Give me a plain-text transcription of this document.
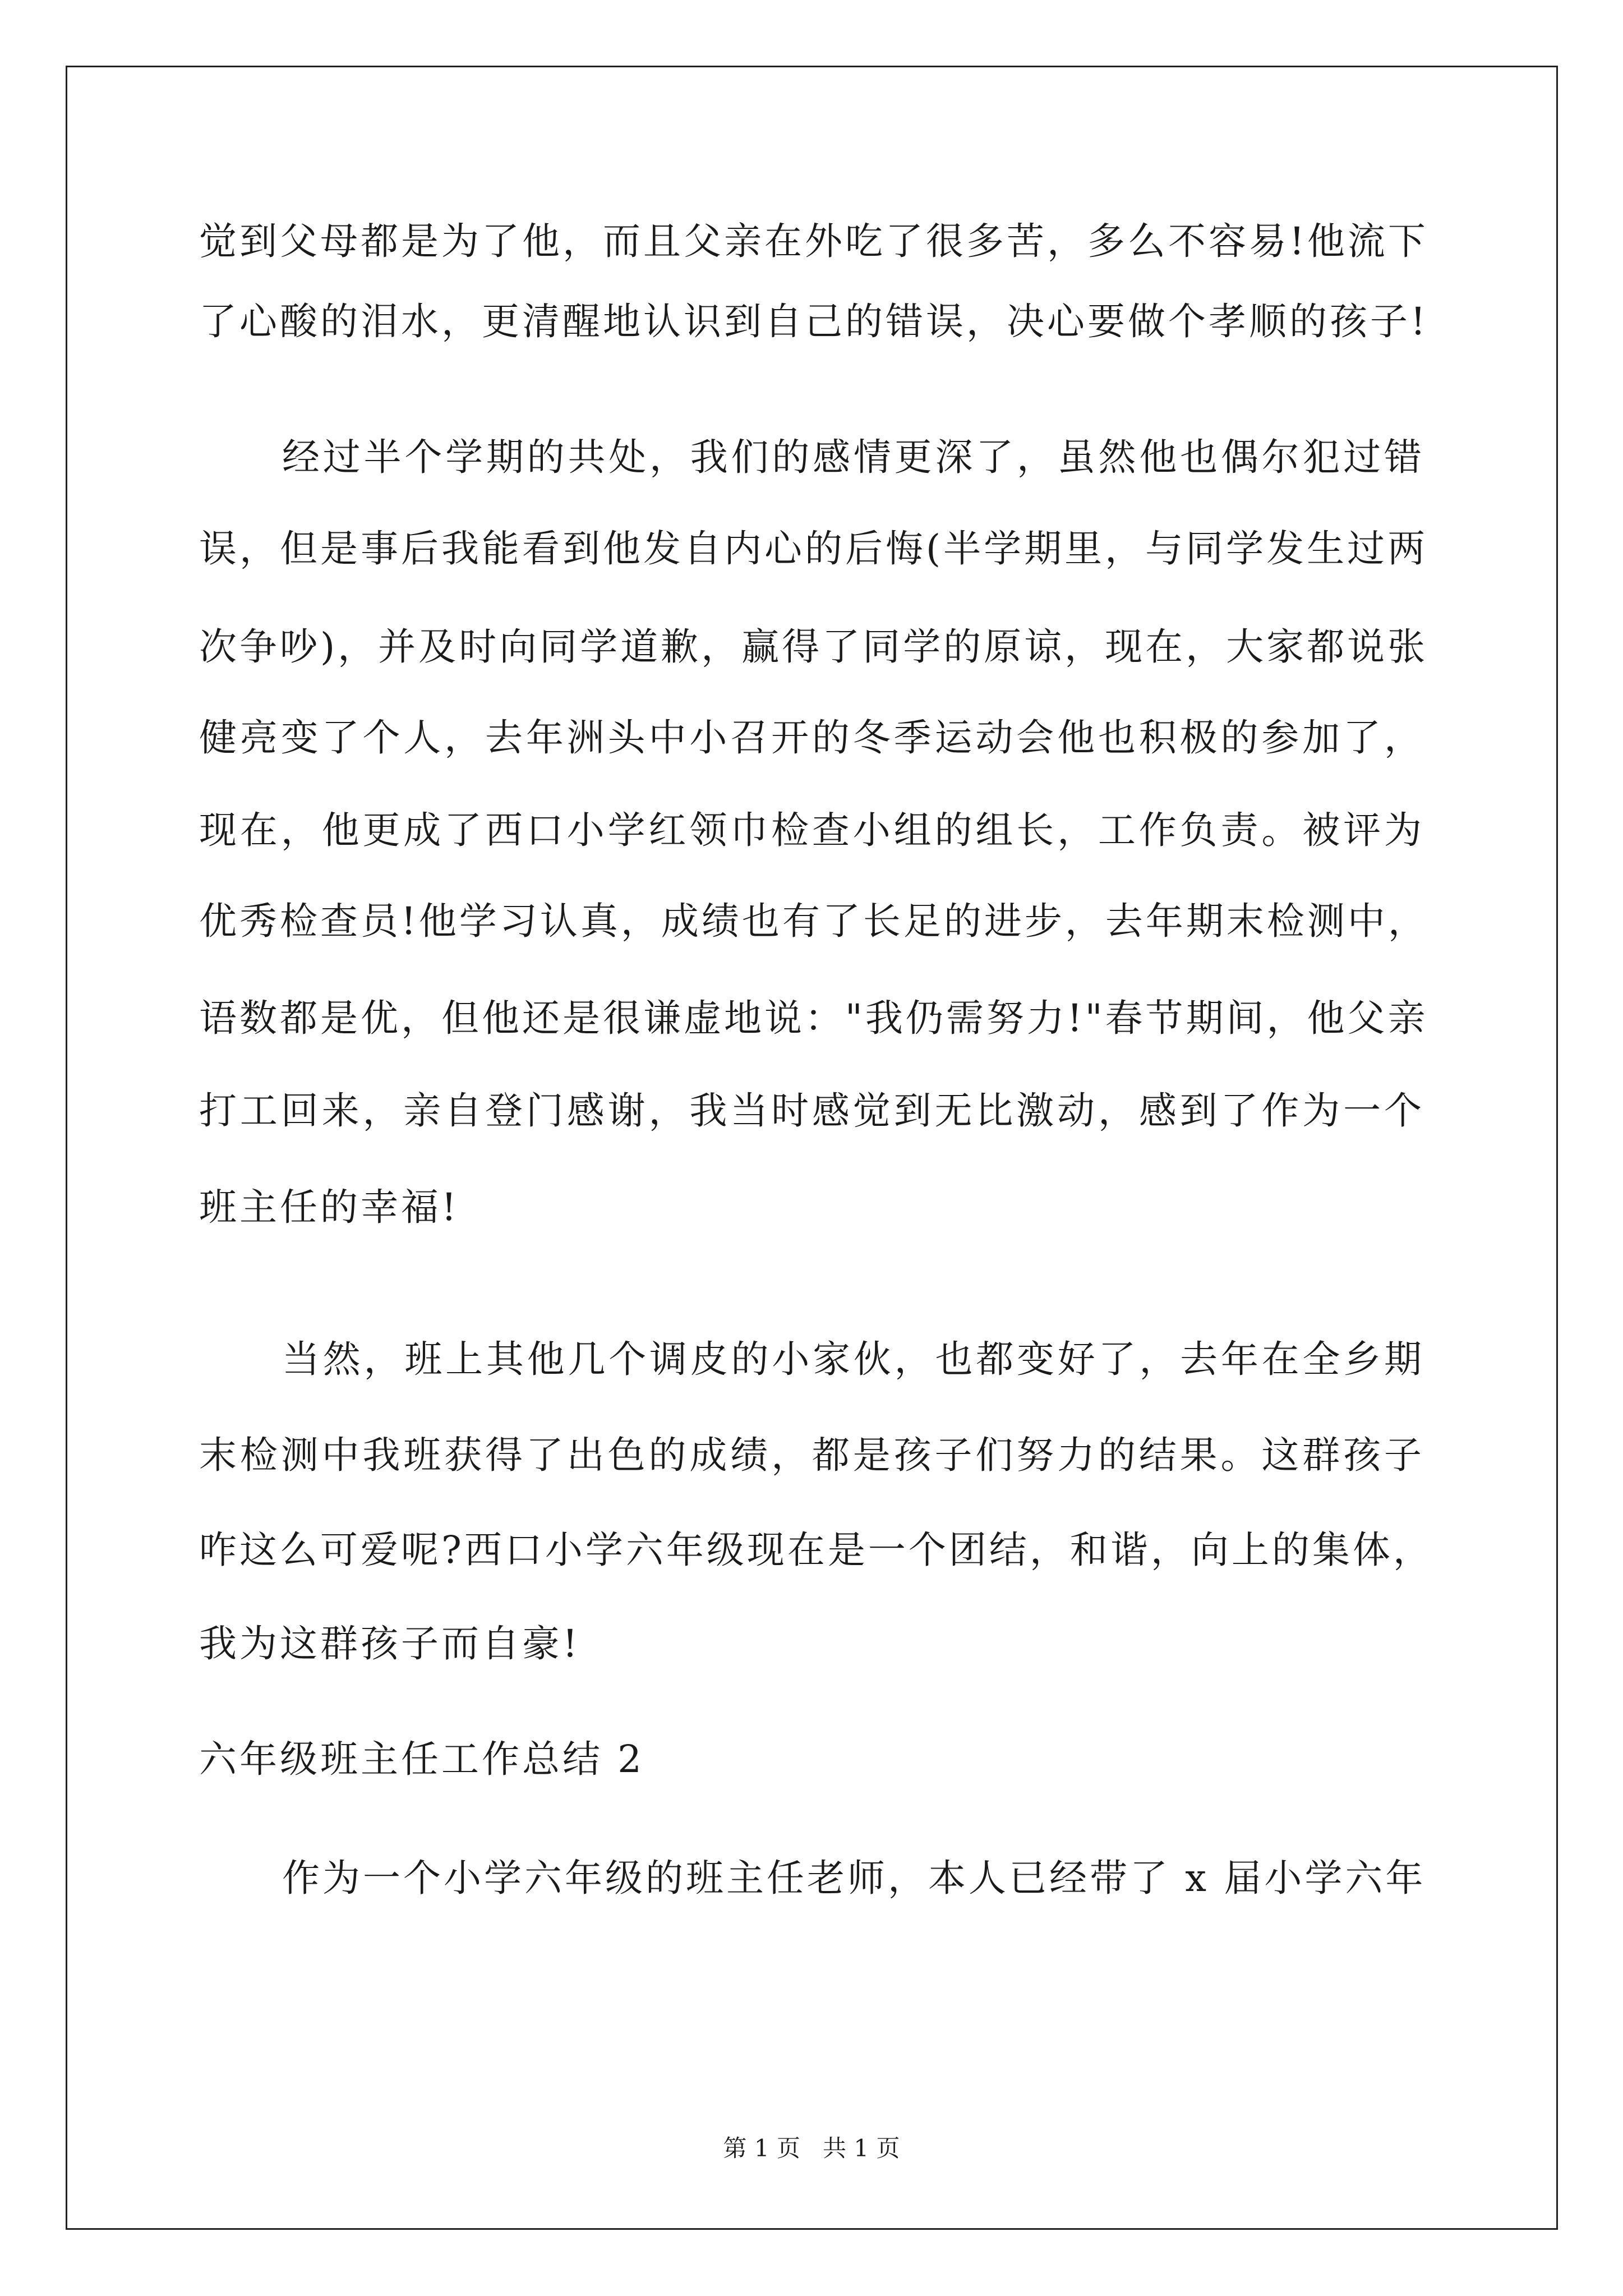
觉到父母都是为了他，而且父亲在外吃了很多苦，多么不容易!他流下
了心酸的泪水，更清醒地认识到自己的错误，决心要做个孝顺的孩子!
经过半个学期的共处，我们的感情更深了，虽然他也偶尔犯过错
误，但是事后我能看到他发自内心的后悔(半学期里，与同学发生过两
次争吵)，并及时向同学道歉，赢得了同学的原谅，现在，大家都说张
健亮变了个人，去年洲头中小召开的冬季运动会他也积极的参加了，
现在，他更成了西口小学红领巾检查小组的组长，工作负责。被评为
优秀检查员!他学习认真，成绩也有了长足的进步，去年期末检测中，
语数都是优，但他还是很谦虚地说："我仍需努力!"春节期间，他父亲
打工回来，亲自登门感谢，我当时感觉到无比激动，感到了作为一个
班主任的幸福!
当然，班上其他几个调皮的小家伙，也都变好了，去年在全乡期
末检测中我班获得了出色的成绩，都是孩子们努力的结果。这群孩子
咋这么可爱呢?西口小学六年级现在是一个团结，和谐，向上的集体，
我为这群孩子而自豪!
六年级班主任工作总结 2
作为一个小学六年级的班主任老师，本人已经带了 x 届小学六年
第 1 页   共 1 页
